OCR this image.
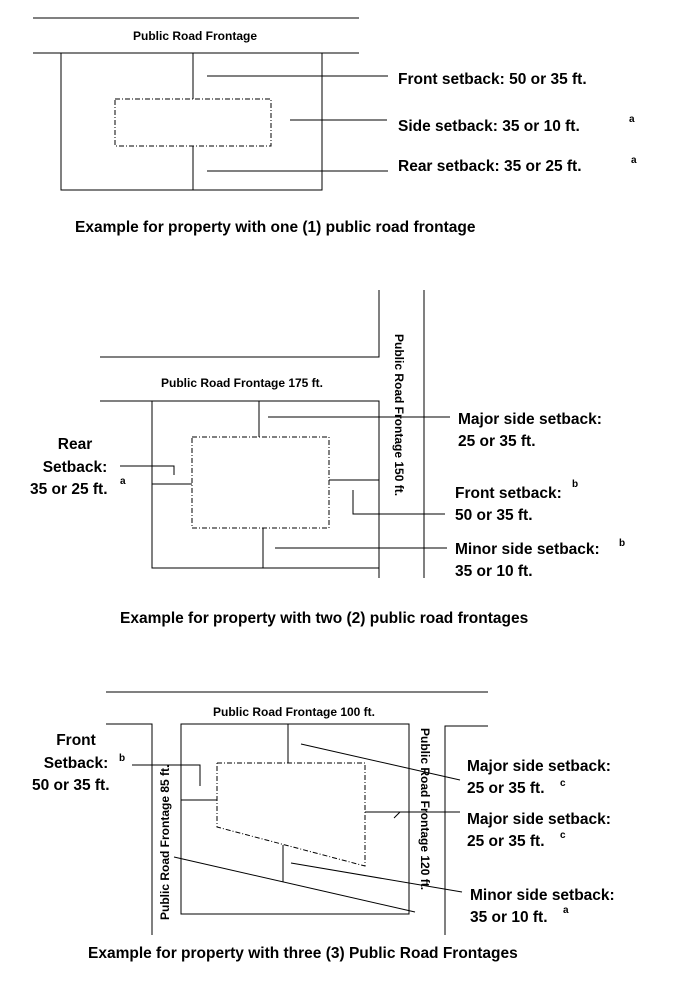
Public Road Frontage
Front setback: 50 or 35 ft.
Side setback: 35 or 10 ft.	a
Rear setback: 35 or 25 ft.	a
Example for property with one (1) public road frontage
Public Road Frontage 175 ft.	Public Road Frontage 150 ft.
Rear
Setback:
35 or 25 ft. a
Major side setback:
25 or 35 ft.
Front setback:
b
50 or 35 ft.
Minor side setback: b
35 or 10 ft.
Example for property with two (2) public road frontages
Public Road Frontage 100 ft.
Public Road Frontage 85 ft.	Public Road Frontage 120 ft.
Front
Setback: b
50 or 35 ft.
Major side setback:
25 or 35 ft. c
Major side setback:
25 or 35 ft. c
Minor side setback:
35 or 10 ft. a
Example for property with three (3) Public Road Frontages
